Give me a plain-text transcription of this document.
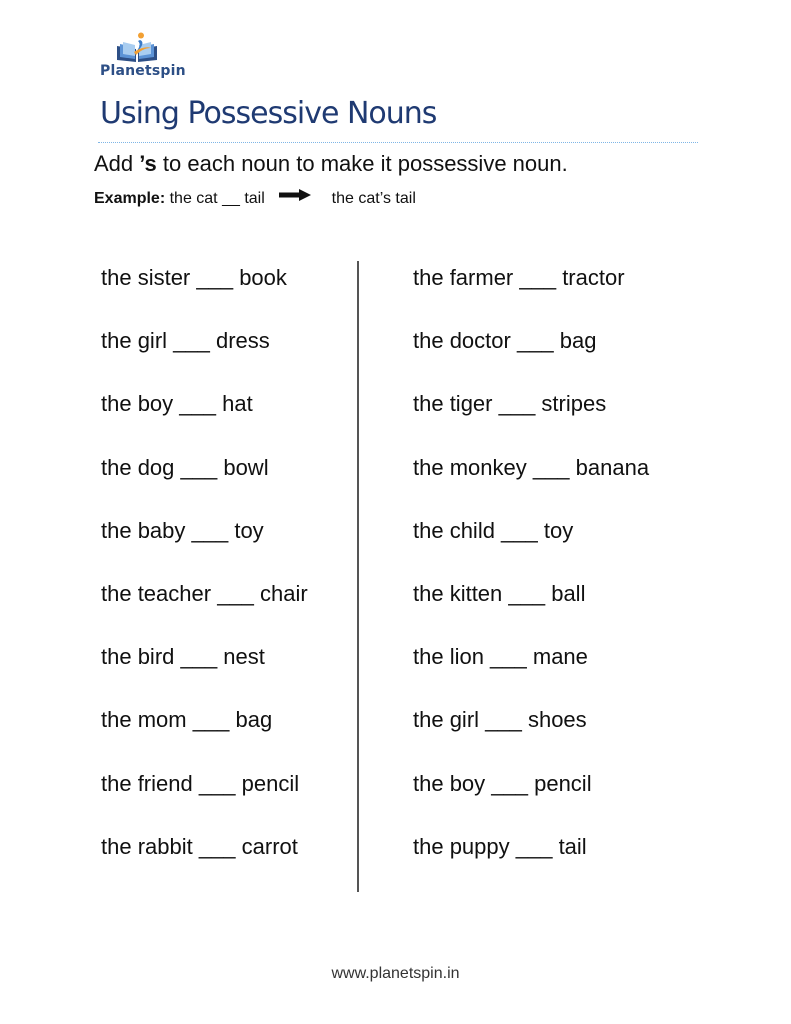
Planetspin
Using Possessive Nouns
Add ’s to each noun to make it possessive noun.
Example: the cat __ tail	the cat’s tail
the sister ___ book
the girl ___ dress
the boy ___ hat
the dog ___ bowl
the baby ___ toy
the teacher ___ chair
the bird ___ nest
the mom ___ bag
the friend ___ pencil
the rabbit ___ carrot
the farmer ___ tractor
the doctor ___ bag
the tiger ___ stripes
the monkey ___ banana
the child ___ toy
the kitten ___ ball
the lion ___ mane
the girl ___ shoes
the boy ___ pencil
the puppy ___ tail
www.planetspin.in
